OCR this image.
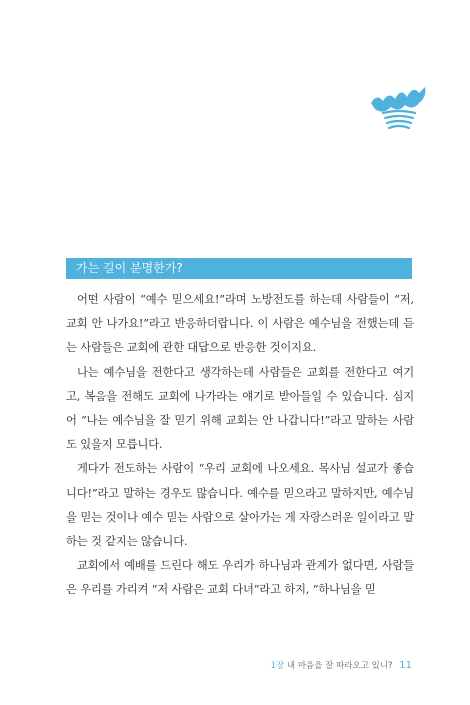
가는 길이 분명한가?

어떤 사람이 “예수 믿으세요!”라며 노방전도를 하는데 사람들이 “저, 교회 안 나가요!”라고 반응하더랍니다. 이 사람은 예수님을 전했는데 듣는 사람들은 교회에 관한 대답으로 반응한 것이지요.

나는 예수님을 전한다고 생각하는데 사람들은 교회를 전한다고 여기고, 복음을 전해도 교회에 나가라는 얘기로 받아들일 수 있습니다. 심지어 “나는 예수님을 잘 믿기 위해 교회는 안 나갑니다!”라고 말하는 사람도 있을지 모릅니다.

게다가 전도하는 사람이 “우리 교회에 나오세요. 목사님 설교가 좋습니다!”라고 말하는 경우도 많습니다. 예수를 믿으라고 말하지만, 예수님을 믿는 것이나 예수 믿는 사람으로 살아가는 게 자랑스러운 일이라고 말하는 것 같지는 않습니다.

교회에서 예배를 드린다 해도 우리가 하나님과 관계가 없다면, 사람들은 우리를 가리켜 “저 사람은 교회 다녀”라고 하지, “하나님을 믿

1장 내 마음을 잘 따라오고 있니? 11
